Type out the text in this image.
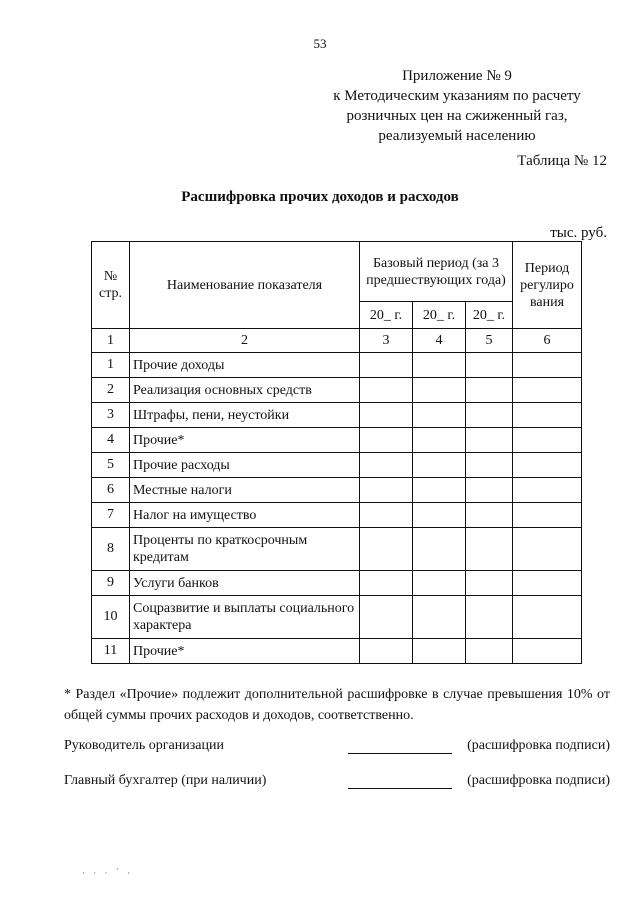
53
Приложение № 9
к Методическим указаниям по расчету
розничных цен на сжиженный газ,
реализуемый населению
Таблица № 12
Расшифровка прочих доходов и расходов
тыс. руб.
№ стр.	Наименование показателя	Базовый период (за 3 предшествующих года)			Период регулиро вания
		20_ г.	20_ г.	20_ г.	
1	2	3	4	5	6
1	Прочие доходы				
2	Реализация основных средств				
3	Штрафы, пени, неустойки				
4	Прочие*				
5	Прочие расходы				
6	Местные налоги				
7	Налог на имущество				
8	Проценты по краткосрочным кредитам				
9	Услуги банков				
10	Соцразвитие и выплаты социального характера				
11	Прочие*				
* Раздел «Прочие» подлежит дополнительной расшифровке в случае превышения 10% от общей суммы прочих расходов и доходов, соответственно.
Руководитель организации	(расшифровка подписи)
Главный бухгалтер (при наличии)	(расшифровка подписи)
· · · ՝ ·
